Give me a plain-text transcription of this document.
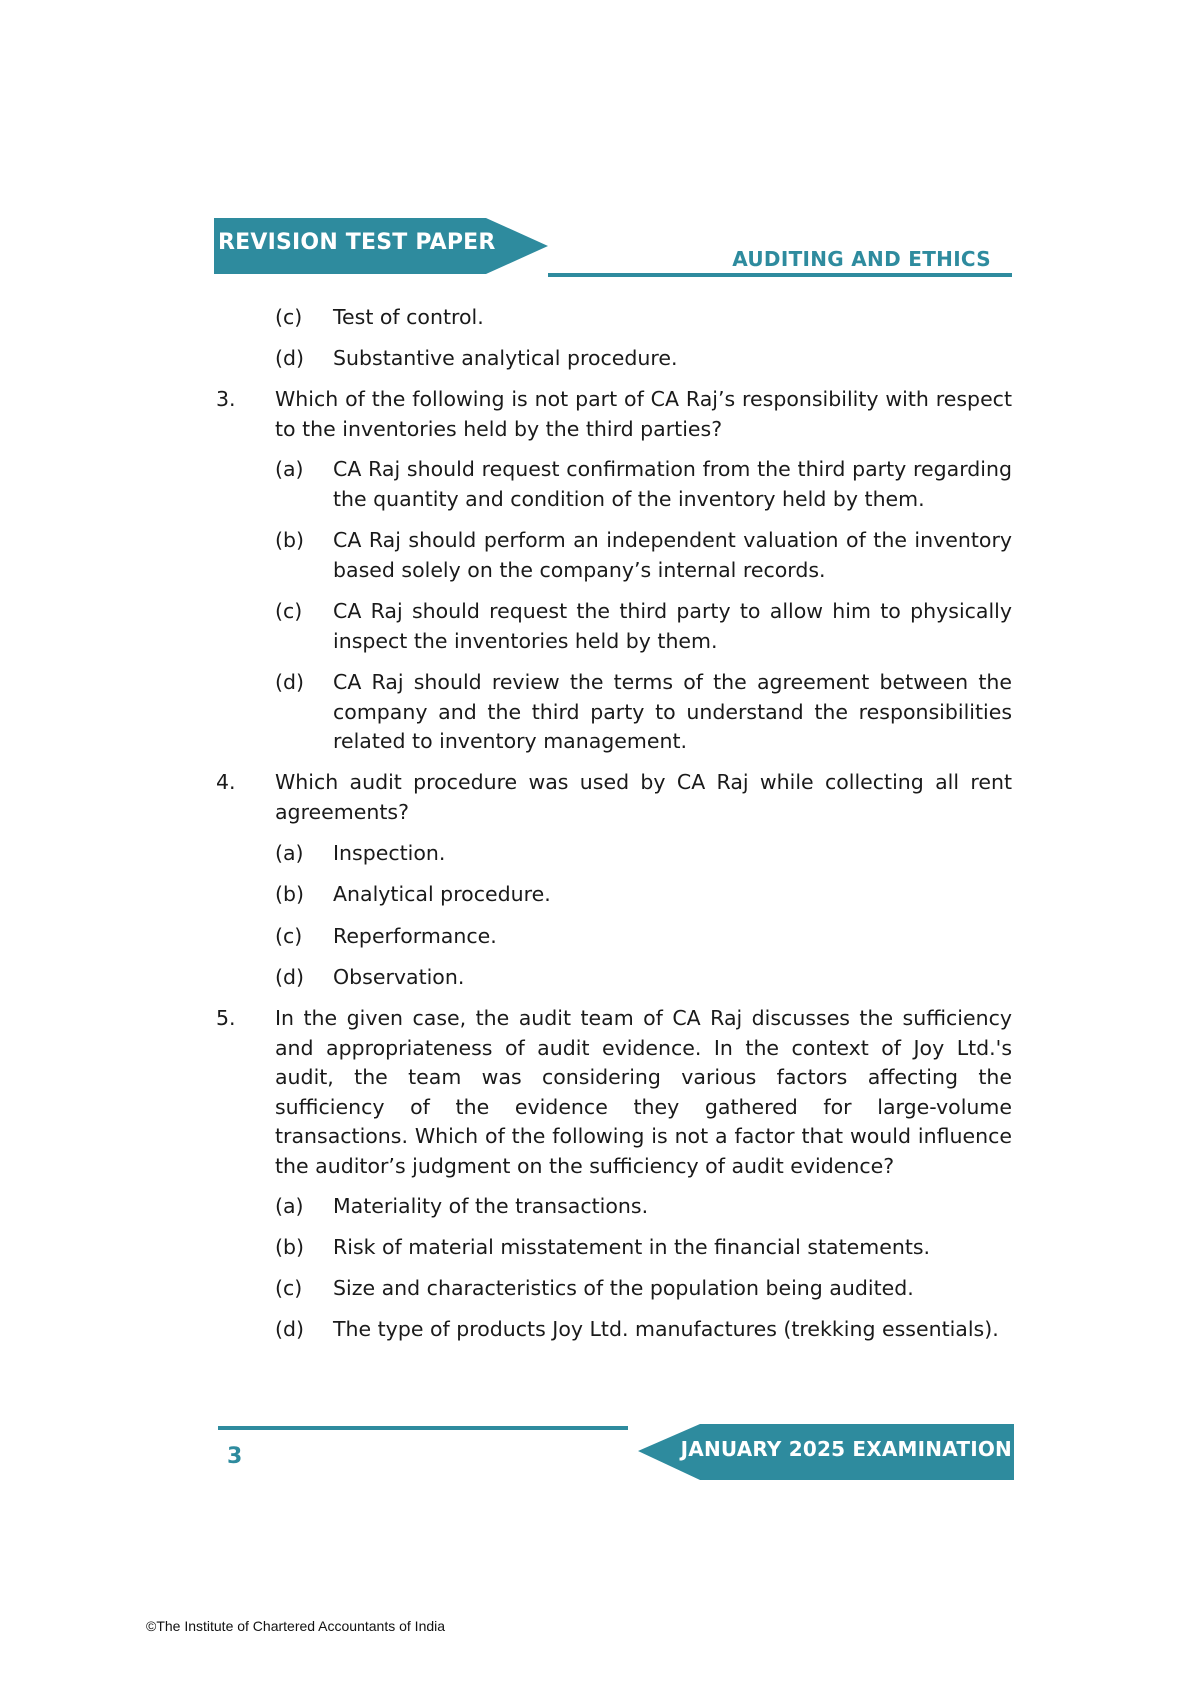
REVISION TEST PAPER
AUDITING AND ETHICS
(c) Test of control.
(d) Substantive analytical procedure.
3. Which of the following is not part of CA Raj’s responsibility with respect to the inventories held by the third parties?
(a) CA Raj should request confirmation from the third party regarding the quantity and condition of the inventory held by them.
(b) CA Raj should perform an independent valuation of the inventory based solely on the company’s internal records.
(c) CA Raj should request the third party to allow him to physically inspect the inventories held by them.
(d) CA Raj should review the terms of the agreement between the company and the third party to understand the responsibilities related to inventory management.
4. Which audit procedure was used by CA Raj while collecting all rent agreements?
(a) Inspection.
(b) Analytical procedure.
(c) Reperformance.
(d) Observation.
5. In the given case, the audit team of CA Raj discusses the sufficiency and appropriateness of audit evidence. In the context of Joy Ltd.'s audit, the team was considering various factors affecting the sufficiency of the evidence they gathered for large-volume transactions. Which of the following is not a factor that would influence the auditor’s judgment on the sufficiency of audit evidence?
(a) Materiality of the transactions.
(b) Risk of material misstatement in the financial statements.
(c) Size and characteristics of the population being audited.
(d) The type of products Joy Ltd. manufactures (trekking essentials).
JANUARY 2025 EXAMINATION
3
©The Institute of Chartered Accountants of India
